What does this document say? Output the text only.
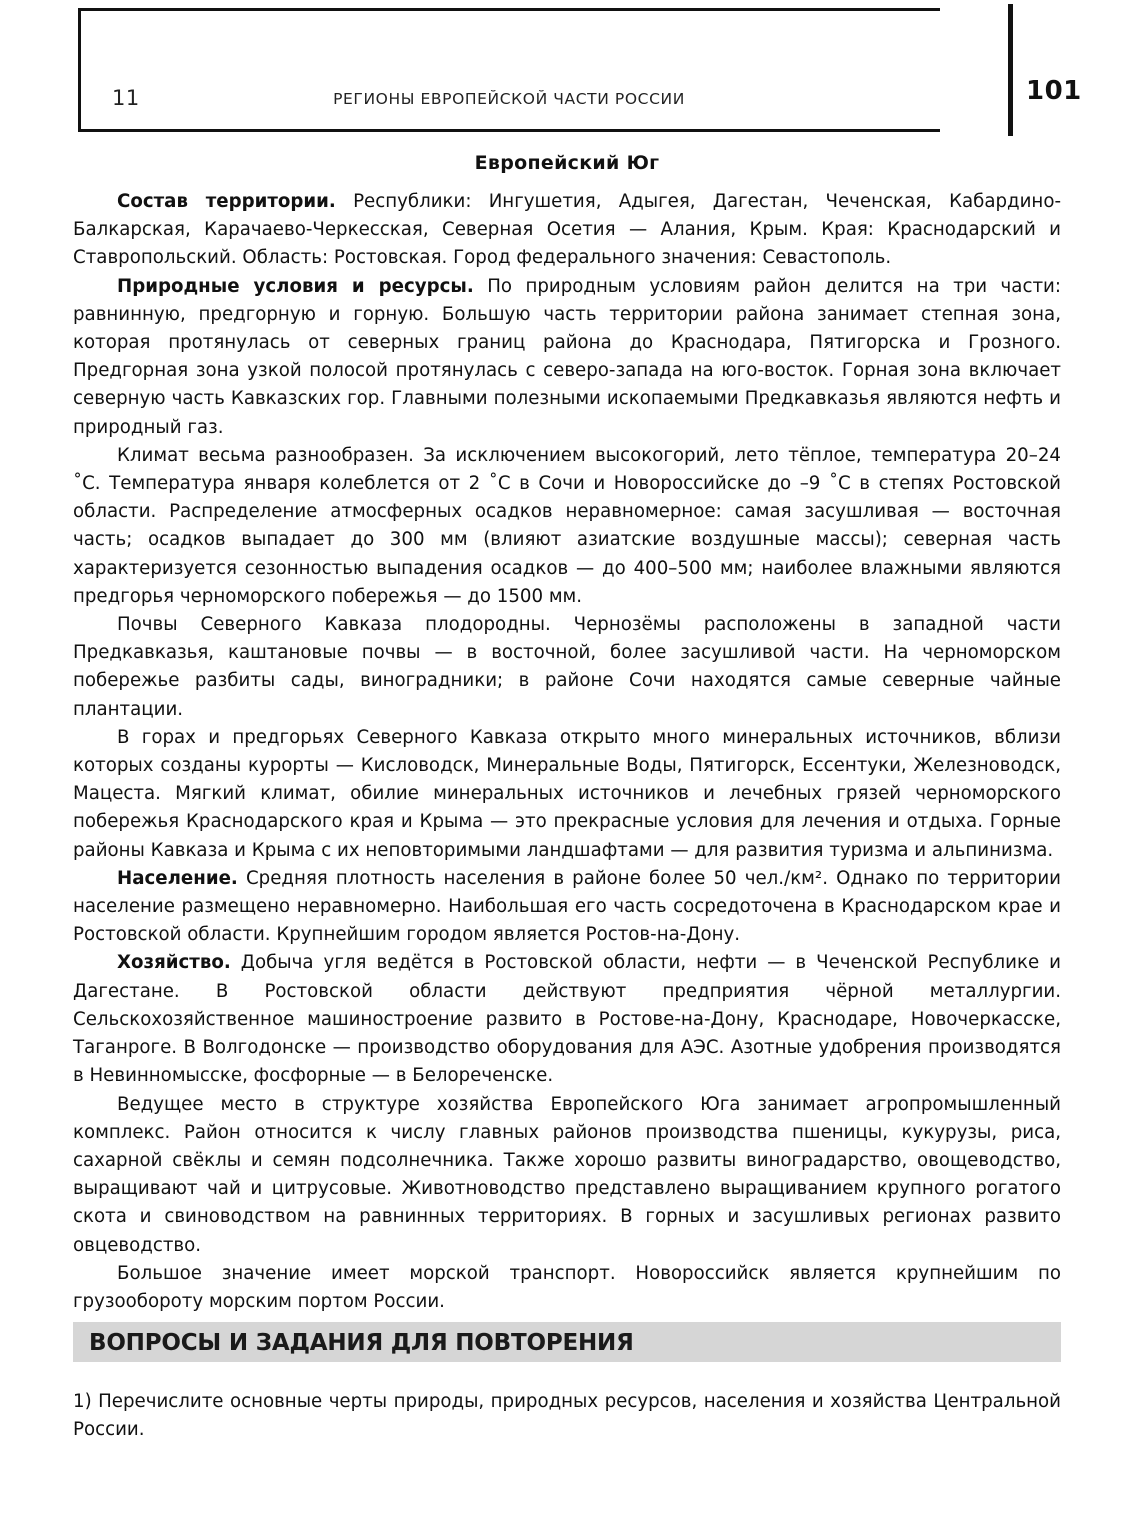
11	РЕГИОНЫ ЕВРОПЕЙСКОЙ ЧАСТИ РОССИИ	101
Европейский Юг

Состав территории. Республики: Ингушетия, Адыгея, Дагестан, Чеченская, Кабардино-Балкарская, Карачаево-Черкесская, Северная Осетия — Алания, Крым. Края: Краснодарский и Ставропольский. Область: Ростовская. Город федерального значения: Севастополь.

Природные условия и ресурсы. По природным условиям район делится на три части: равнинную, предгорную и горную. Большую часть территории района занимает степная зона, которая протянулась от северных границ района до Краснодара, Пятигорска и Грозного. Предгорная зона узкой полосой протянулась с северо-запада на юго-восток. Горная зона включает северную часть Кавказских гор. Главными полезными ископаемыми Предкавказья являются нефть и природный газ.

Климат весьма разнообразен. За исключением высокогорий, лето тёплое, температура 20–24 ˚С. Температура января колеблется от 2 ˚С в Сочи и Новороссийске до –9 ˚С в степях Ростовской области. Распределение атмосферных осадков неравномерное: самая засушливая — восточная часть; осадков выпадает до 300 мм (влияют азиатские воздушные массы); северная часть характеризуется сезонностью выпадения осадков — до 400–500 мм; наиболее влажными являются предгорья черноморского побережья — до 1500 мм.

Почвы Северного Кавказа плодородны. Чернозёмы расположены в западной части Предкавказья, каштановые почвы — в восточной, более засушливой части. На черноморском побережье разбиты сады, виноградники; в районе Сочи находятся самые северные чайные плантации.

В горах и предгорьях Северного Кавказа открыто много минеральных источников, вблизи которых созданы курорты — Кисловодск, Минеральные Воды, Пятигорск, Ессентуки, Железноводск, Мацеста. Мягкий климат, обилие минеральных источников и лечебных грязей черноморского побережья Краснодарского края и Крыма — это прекрасные условия для лечения и отдыха. Горные районы Кавказа и Крыма с их неповторимыми ландшафтами — для развития туризма и альпинизма.

Население. Средняя плотность населения в районе более 50 чел./км². Однако по территории население размещено неравномерно. Наибольшая его часть сосредоточена в Краснодарском крае и Ростовской области. Крупнейшим городом является Ростов-на-Дону.

Хозяйство. Добыча угля ведётся в Ростовской области, нефти — в Чеченской Республике и Дагестане. В Ростовской области действуют предприятия чёрной металлургии. Сельскохозяйственное машиностроение развито в Ростове-на-Дону, Краснодаре, Новочеркасске, Таганроге. В Волгодонске — производство оборудования для АЭС. Азотные удобрения производятся в Невинномысске, фосфорные — в Белореченске.

Ведущее место в структуре хозяйства Европейского Юга занимает агропромышленный комплекс. Район относится к числу главных районов производства пшеницы, кукурузы, риса, сахарной свёклы и семян подсолнечника. Также хорошо развиты виноградарство, овощеводство, выращивают чай и цитрусовые. Животноводство представлено выращиванием крупного рогатого скота и свиноводством на равнинных территориях. В горных и засушливых регионах развито овцеводство.

Большое значение имеет морской транспорт. Новороссийск является крупнейшим по грузообороту морским портом России.

ВОПРОСЫ И ЗАДАНИЯ ДЛЯ ПОВТОРЕНИЯ

1) Перечислите основные черты природы, природных ресурсов, населения и хозяйства Центральной России.
